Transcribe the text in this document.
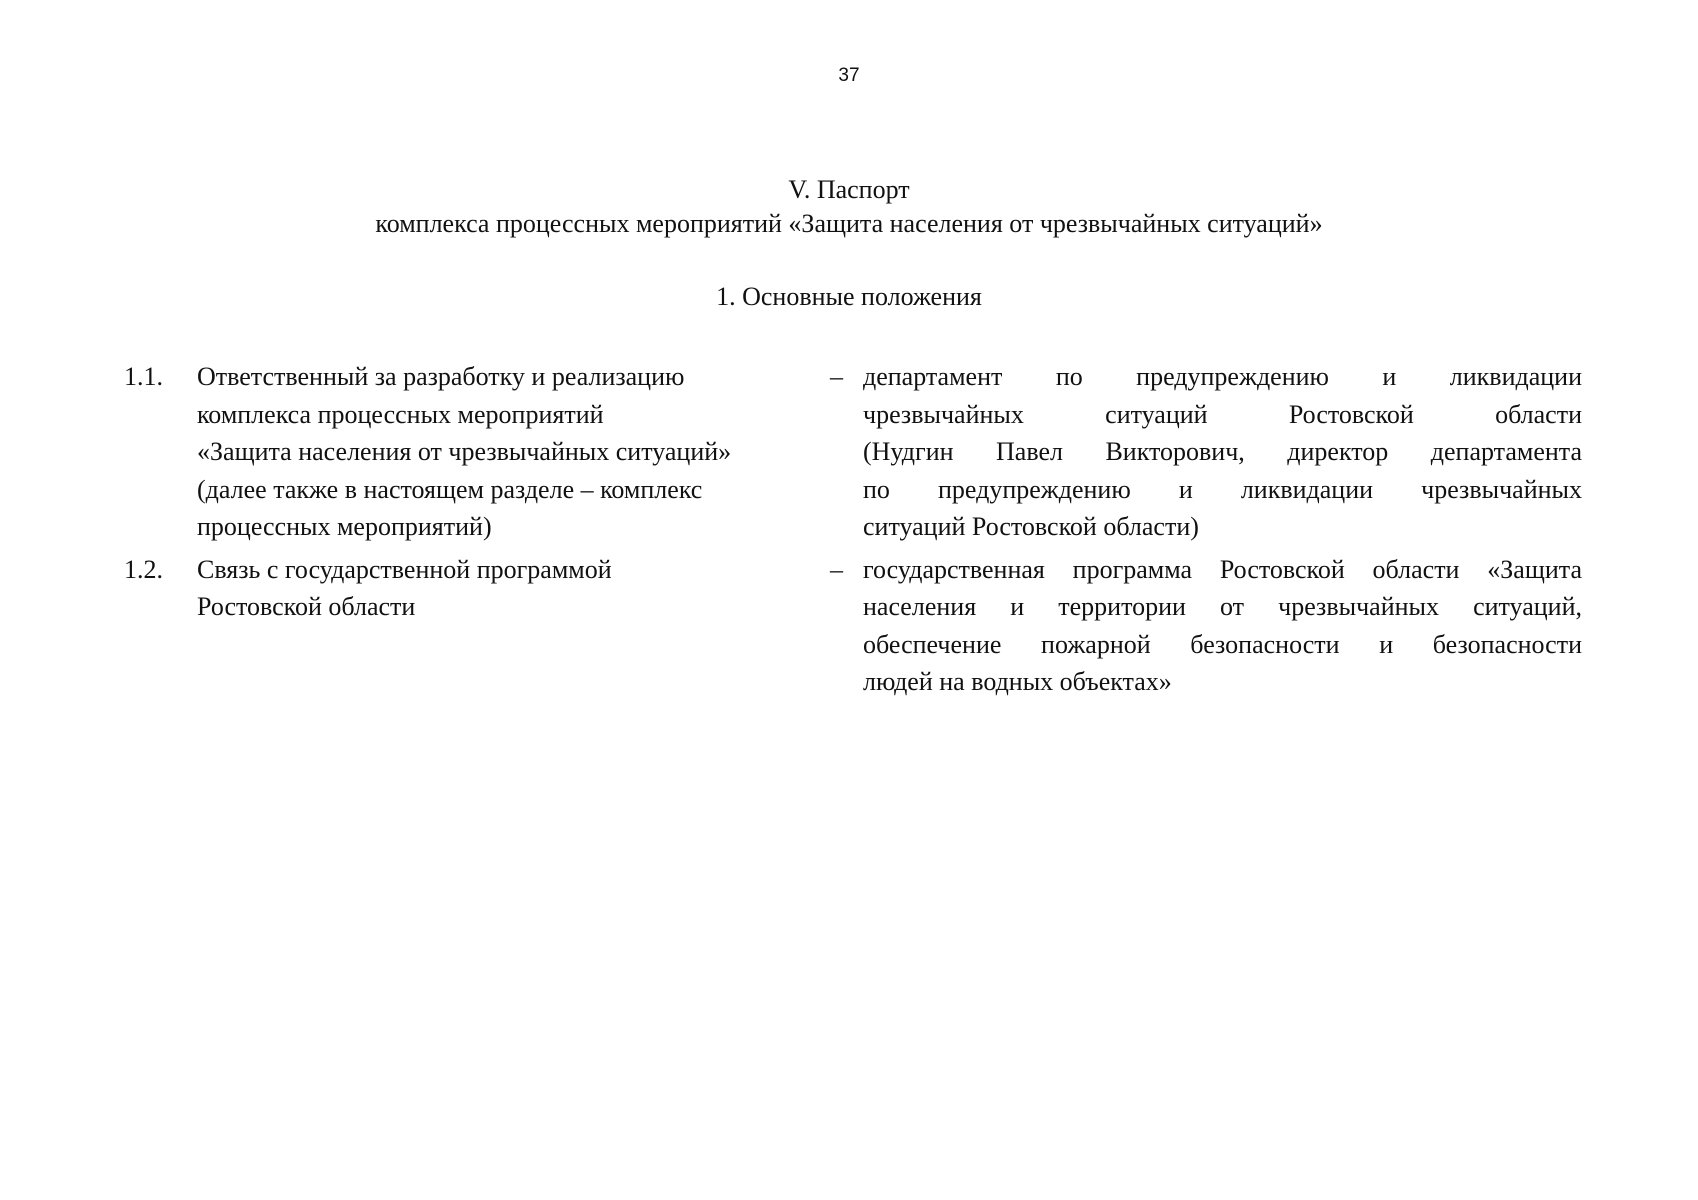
37
V. Паспорт
комплекса процессных мероприятий «Защита населения от чрезвычайных ситуаций»
1. Основные положения
1.1.	Ответственный за разработку и реализацию
комплекса процессных мероприятий
«Защита населения от чрезвычайных ситуаций»
(далее также в настоящем разделе – комплекс
процессных мероприятий)
– департамент по предупреждению и ликвидации
чрезвычайных ситуаций Ростовской области
(Нудгин Павел Викторович, директор департамента
по предупреждению и ликвидации чрезвычайных
ситуаций Ростовской области)
1.2.	Связь с государственной программой
Ростовской области
– государственная программа Ростовской области «Защита
населения и территории от чрезвычайных ситуаций,
обеспечение пожарной безопасности и безопасности
людей на водных объектах»
